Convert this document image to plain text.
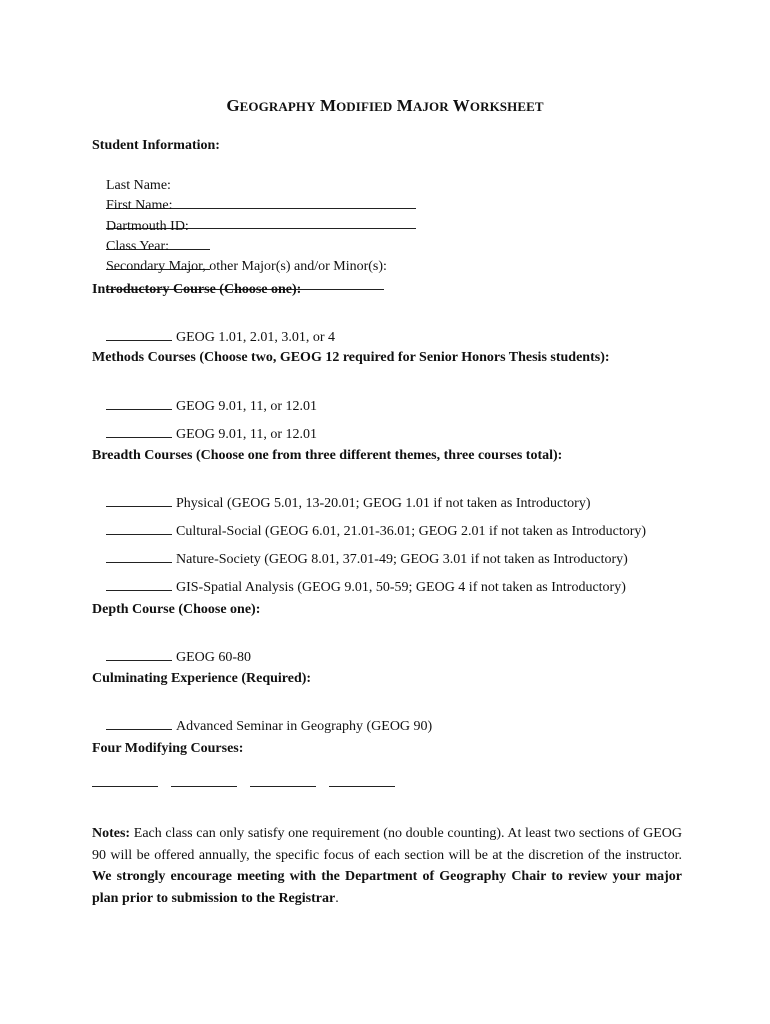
GEOGRAPHY MODIFIED MAJOR WORKSHEET
Student Information:

Last Name:

First Name:

Dartmouth ID:

Class Year:

Secondary Major, other Major(s) and/or Minor(s):

Introductory Course (Choose one):

GEOG 1.01, 2.01, 3.01, or 4

Methods Courses (Choose two, GEOG 12 required for Senior Honors Thesis students):

GEOG 9.01, 11, or 12.01

GEOG 9.01, 11, or 12.01

Breadth Courses (Choose one from three different themes, three courses total):

Physical (GEOG 5.01, 13-20.01; GEOG 1.01 if not taken as Introductory)

Cultural-Social (GEOG 6.01, 21.01-36.01; GEOG 2.01 if not taken as Introductory)

Nature-Society (GEOG 8.01, 37.01-49; GEOG 3.01 if not taken as Introductory)

GIS-Spatial Analysis (GEOG 9.01, 50-59; GEOG 4 if not taken as Introductory)

Depth Course (Choose one):

GEOG 60-80

Culminating Experience (Required):

Advanced Seminar in Geography (GEOG 90)

Four Modifying Courses:
Notes: Each class can only satisfy one requirement (no double counting). At least two sections of GEOG 90 will be offered annually, the specific focus of each section will be at the discretion of the instructor. We strongly encourage meeting with the Department of Geography Chair to review your major plan prior to submission to the Registrar.
